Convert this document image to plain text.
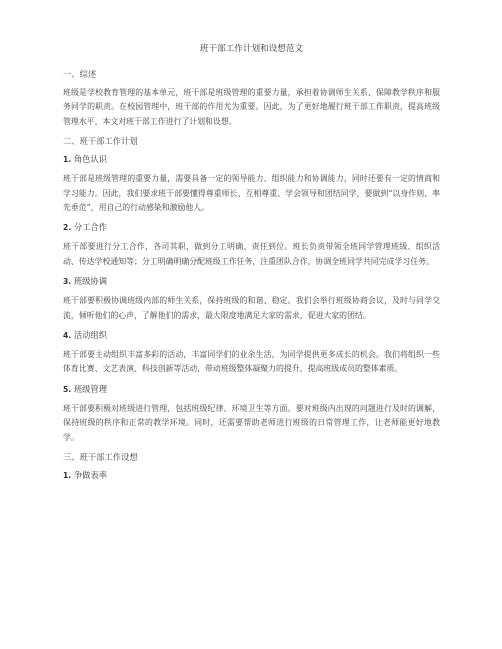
班干部工作计划和设想范文
一、综述

班级是学校教育管理的基本单元，班干部是班级管理的重要力量，承担着协调师生关系、保障教学秩序和服务同学的职责。在校园管理中，班干部的作用尤为重要。因此，为了更好地履行班干部工作职责，提高班级管理水平，本文对班干部工作进行了计划和设想。

二、班干部工作计划
1. 角色认识

班干部是班级管理的重要力量，需要具备一定的领导能力、组织能力和协调能力，同时还要有一定的情商和学习能力。因此，我们要求班干部要懂得尊重师长、互相尊重、学会领导和团结同学，要做到“以身作则、率先垂范”，用自己的行动感染和激励他人。

2. 分工合作

班干部要进行分工合作，各司其职，做到分工明确、责任到位。班长负责带领全班同学管理班级、组织活动、传达学校通知等；分工明确明确分配班级工作任务，注重团队合作，协调全班同学共同完成学习任务。

3. 班级协调

班干部要积极协调班级内部的师生关系，保持班级的和谐、稳定。我们会举行班级协商会议，及时与同学交流，倾听他们的心声，了解他们的需求，最大限度地满足大家的需求，促进大家的团结。

4. 活动组织

班干部要主动组织丰富多彩的活动，丰富同学们的业余生活，为同学提供更多成长的机会。我们将组织一些体育比赛、文艺表演、科技创新等活动，带动班级整体凝聚力的提升，提高班级成员的整体素质。

5. 班级管理

班干部要积极对班级进行管理，包括班级纪律、环境卫生等方面。要对班级内出现的问题进行及时的调解，保持班级的秩序和正常的教学环境。同时，还需要帮助老师进行班级的日常管理工作，让老师能更好地教学。

三、班干部工作设想
1. 争做表率
